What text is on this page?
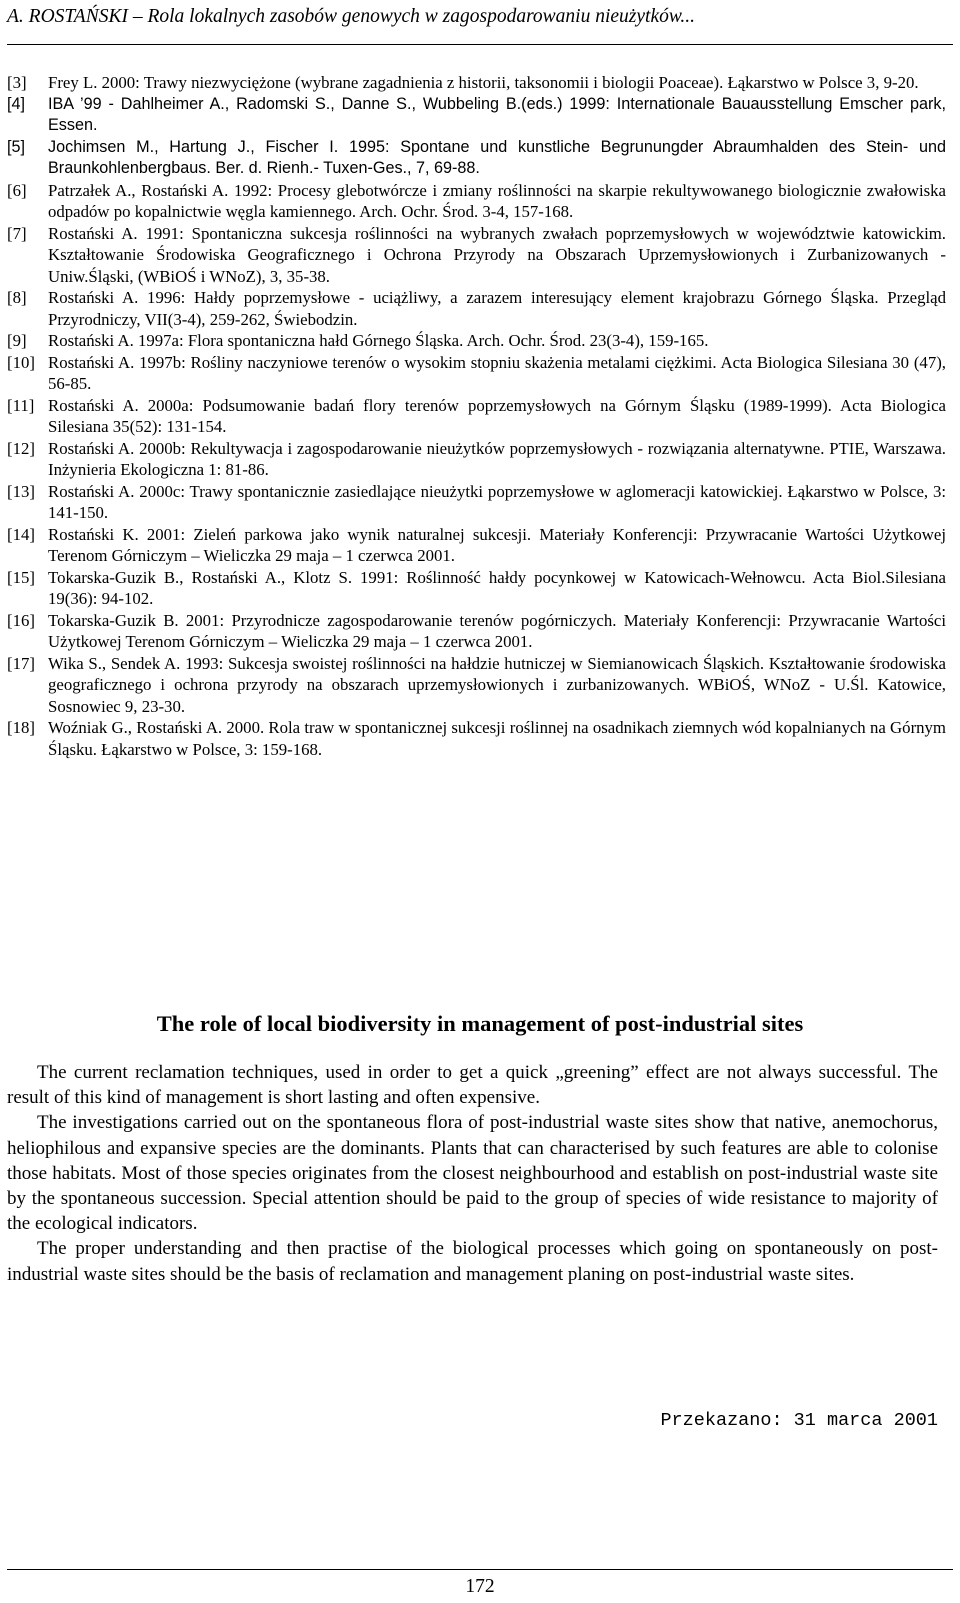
A. ROSTAŃSKI – Rola lokalnych zasobów genowych w zagospodarowaniu nieużytków...
[3] Frey L. 2000: Trawy niezwyciężone (wybrane zagadnienia z historii, taksonomii i biologii Poaceae). Łąkarstwo w Polsce 3, 9-20.
[4] IBA ’99 - Dahlheimer A., Radomski S., Danne S., Wubbeling B.(eds.) 1999: Internationale Bauausstellung Emscher park, Essen.
[5] Jochimsen M., Hartung J., Fischer I. 1995: Spontane und kunstliche Begrunungder Abraumhalden des Stein- und Braunkohlenbergbaus. Ber. d. Rienh.- Tuxen-Ges., 7, 69-88.
[6] Patrzałek A., Rostański A. 1992: Procesy glebotwórcze i zmiany roślinności na skarpie rekultywowanego biologicznie zwałowiska odpadów po kopalnictwie węgla kamiennego. Arch. Ochr. Środ. 3-4, 157-168.
[7] Rostański A. 1991: Spontaniczna sukcesja roślinności na wybranych zwałach poprzemysłowych w województwie katowickim. Kształtowanie Środowiska Geograficznego i Ochrona Przyrody na Obszarach Uprzemysłowionych i Zurbanizowanych - Uniw.Śląski, (WBiOŚ i WNoZ), 3, 35-38.
[8] Rostański A. 1996: Hałdy poprzemysłowe - uciążliwy, a zarazem interesujący element krajobrazu Górnego Śląska. Przegląd Przyrodniczy, VII(3-4), 259-262, Świebodzin.
[9] Rostański A. 1997a: Flora spontaniczna hałd Górnego Śląska. Arch. Ochr. Środ. 23(3-4), 159-165.
[10] Rostański A. 1997b: Rośliny naczyniowe terenów o wysokim stopniu skażenia metalami ciężkimi. Acta Biologica Silesiana 30 (47), 56-85.
[11] Rostański A. 2000a: Podsumowanie badań flory terenów poprzemysłowych na Górnym Śląsku (1989-1999). Acta Biologica Silesiana 35(52): 131-154.
[12] Rostański A. 2000b: Rekultywacja i zagospodarowanie nieużytków poprzemysłowych - rozwiązania alternatywne. PTIE, Warszawa. Inżynieria Ekologiczna 1: 81-86.
[13] Rostański A. 2000c: Trawy spontanicznie zasiedlające nieużytki poprzemysłowe w aglomeracji katowickiej. Łąkarstwo w Polsce, 3: 141-150.
[14] Rostański K. 2001: Zieleń parkowa jako wynik naturalnej sukcesji. Materiały Konferencji: Przywracanie Wartości Użytkowej Terenom Górniczym – Wieliczka 29 maja – 1 czerwca 2001.
[15] Tokarska-Guzik B., Rostański A., Klotz S. 1991: Roślinność hałdy pocynkowej w Katowicach-Wełnowcu. Acta Biol.Silesiana 19(36): 94-102.
[16] Tokarska-Guzik B. 2001: Przyrodnicze zagospodarowanie terenów pogórniczych. Materiały Konferencji: Przywracanie Wartości Użytkowej Terenom Górniczym – Wieliczka 29 maja – 1 czerwca 2001.
[17] Wika S., Sendek A. 1993: Sukcesja swoistej roślinności na hałdzie hutniczej w Siemianowicach Śląskich. Kształtowanie środowiska geograficznego i ochrona przyrody na obszarach uprzemysłowionych i zurbanizowanych. WBiOŚ, WNoZ - U.Śl. Katowice, Sosnowiec 9, 23-30.
[18] Woźniak G., Rostański A. 2000. Rola traw w spontanicznej sukcesji roślinnej na osadnikach ziemnych wód kopalnianych na Górnym Śląsku. Łąkarstwo w Polsce, 3: 159-168.
The role of local biodiversity in management of post-industrial sites

The current reclamation techniques, used in order to get a quick „greening” effect are not always successful. The result of this kind of management is short lasting and often expensive.

The investigations carried out on the spontaneous flora of post-industrial waste sites show that native, anemochorus, heliophilous and expansive species are the dominants. Plants that can characterised by such features are able to colonise those habitats. Most of those species originates from the closest neighbourhood and establish on post-industrial waste site by the spontaneous succession. Special attention should be paid to the group of species of wide resistance to majority of the ecological indicators.

The proper understanding and then practise of the biological processes which going on spontaneously on post-industrial waste sites should be the basis of reclamation and management planing on post-industrial waste sites.

Przekazano: 31 marca 2001
172
